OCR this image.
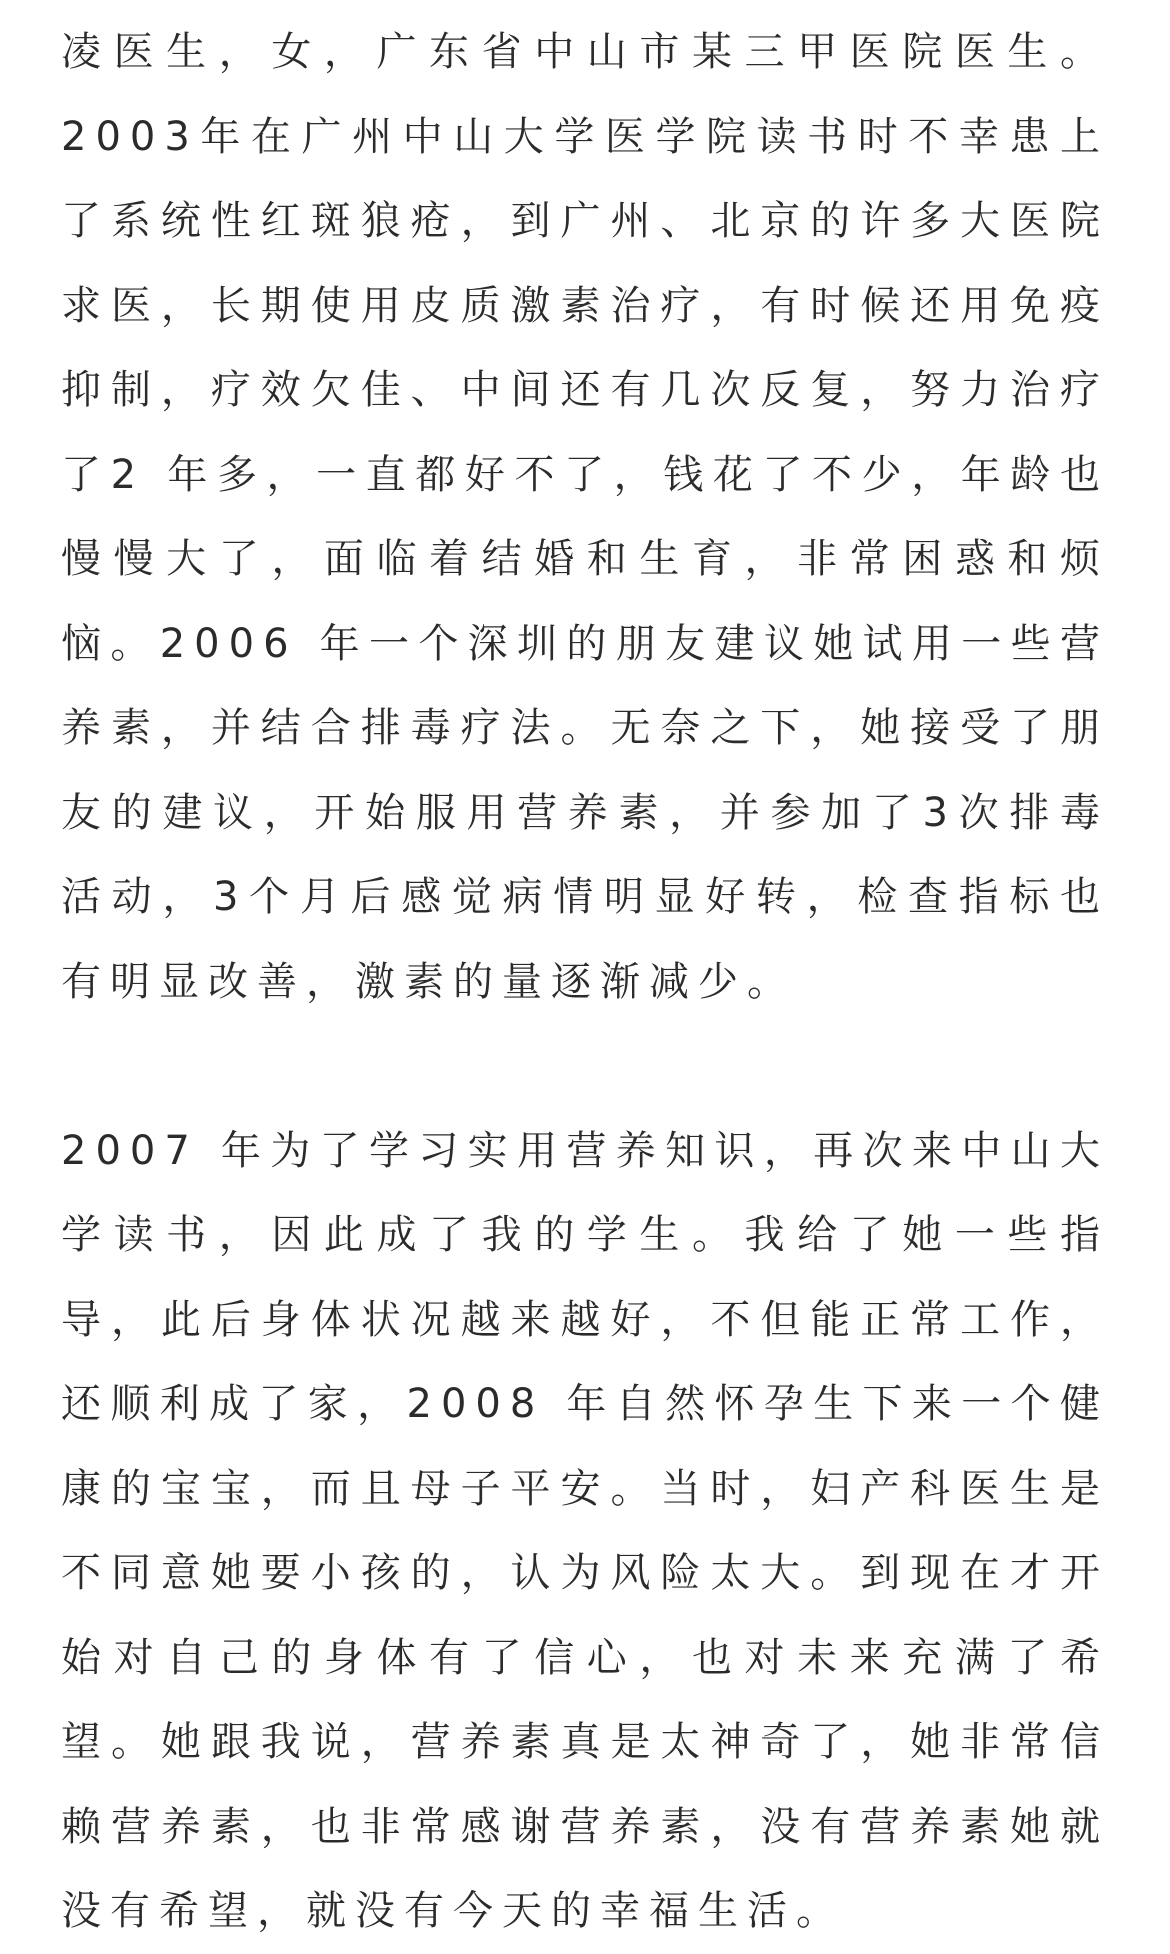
凌医生，女，广东省中山市某三甲医院医生。
2003年在广州中山大学医学院读书时不幸患上
了系统性红斑狼疮，到广州、北京的许多大医院
求医，长期使用皮质激素治疗，有时候还用免疫
抑制，疗效欠佳、中间还有几次反复，努力治疗
了2 年多，一直都好不了，钱花了不少，年龄也
慢慢大了，面临着结婚和生育，非常困惑和烦
恼。2006 年一个深圳的朋友建议她试用一些营
养素，并结合排毒疗法。无奈之下，她接受了朋
友的建议，开始服用营养素，并参加了3次排毒
活动，3个月后感觉病情明显好转，检查指标也
有明显改善，激素的量逐渐减少。
2007 年为了学习实用营养知识，再次来中山大
学读书，因此成了我的学生。我给了她一些指
导，此后身体状况越来越好，不但能正常工作，
还顺利成了家，2008 年自然怀孕生下来一个健
康的宝宝，而且母子平安。当时，妇产科医生是
不同意她要小孩的，认为风险太大。到现在才开
始对自己的身体有了信心，也对未来充满了希
望。她跟我说，营养素真是太神奇了，她非常信
赖营养素，也非常感谢营养素，没有营养素她就
没有希望，就没有今天的幸福生活。
